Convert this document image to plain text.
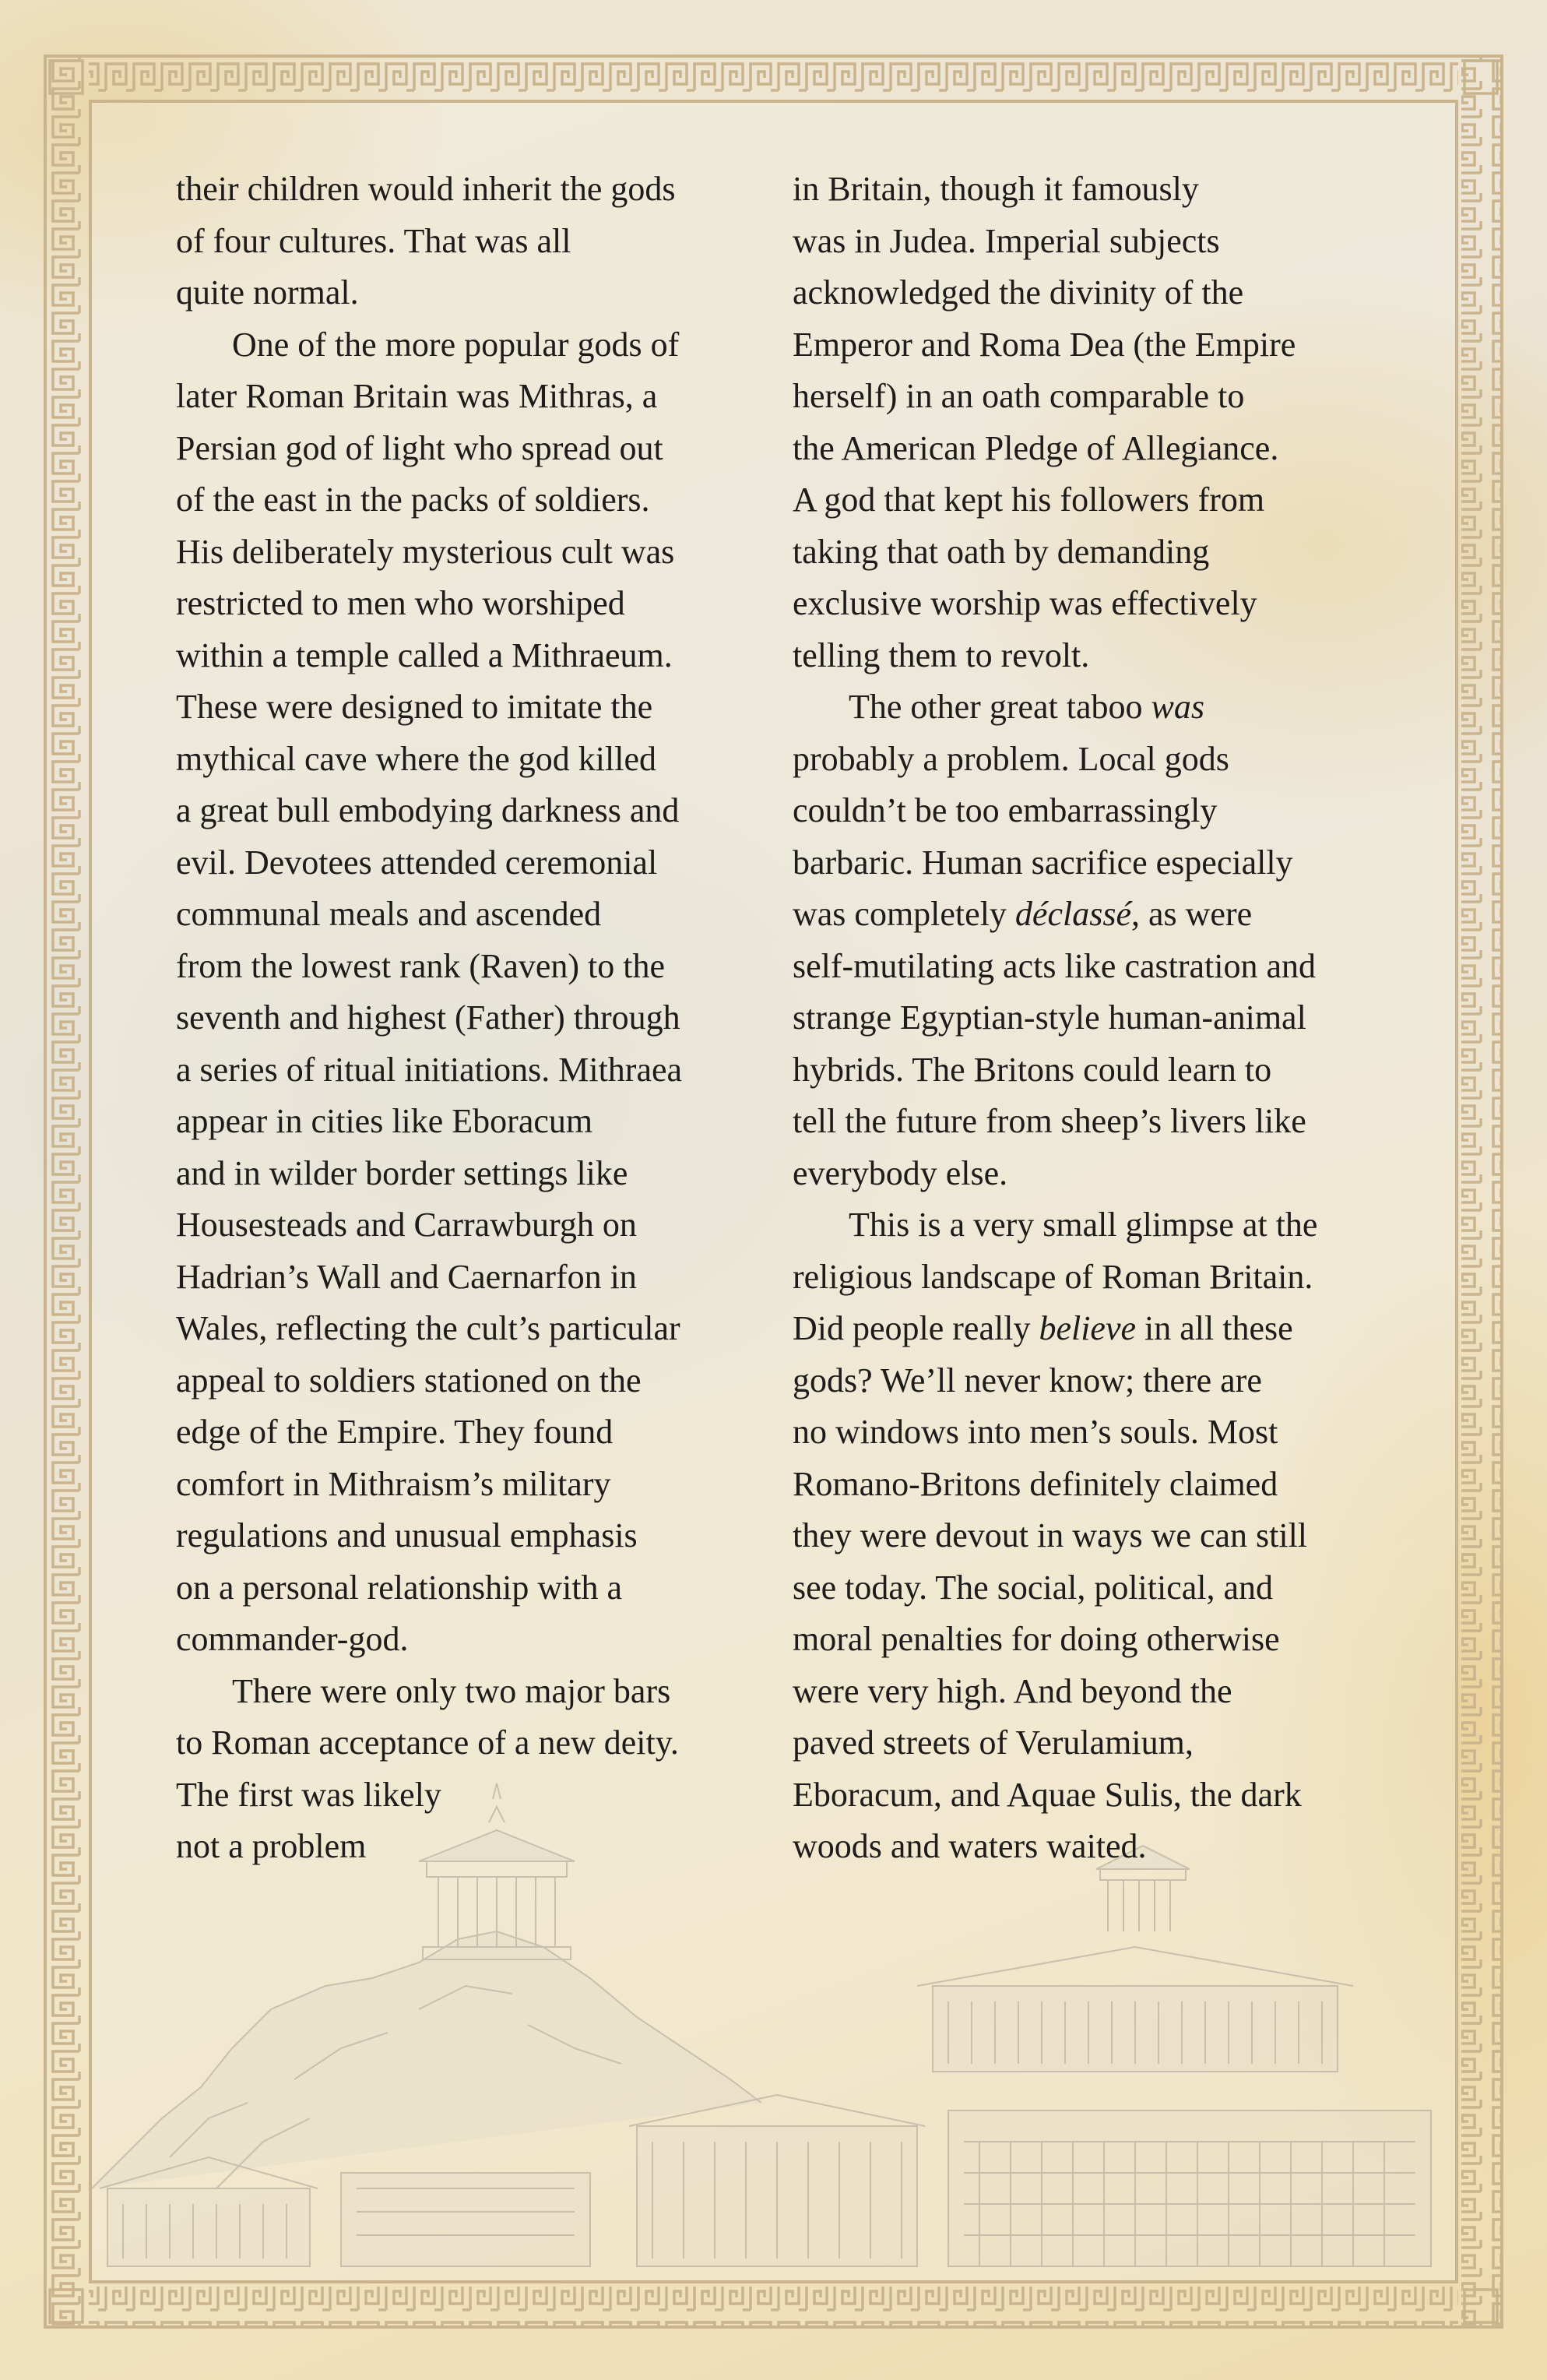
their children would inherit the gods
of four cultures. That was all
quite normal.
One of the more popular gods of
later Roman Britain was Mithras, a
Persian god of light who spread out
of the east in the packs of soldiers.
His deliberately mysterious cult was
restricted to men who worshiped
within a temple called a Mithraeum.
These were designed to imitate the
mythical cave where the god killed
a great bull embodying darkness and
evil. Devotees attended ceremonial
communal meals and ascended
from the lowest rank (Raven) to the
seventh and highest (Father) through
a series of ritual initiations. Mithraea
appear in cities like Eboracum
and in wilder border settings like
Housesteads and Carrawburgh on
Hadrian’s Wall and Caernarfon in
Wales, reflecting the cult’s particular
appeal to soldiers stationed on the
edge of the Empire. They found
comfort in Mithraism’s military
regulations and unusual emphasis
on a personal relationship with a
commander-god.
There were only two major bars
to Roman acceptance of a new deity.
The first was likely
not a problem
in Britain, though it famously
was in Judea. Imperial subjects
acknowledged the divinity of the
Emperor and Roma Dea (the Empire
herself) in an oath comparable to
the American Pledge of Allegiance.
A god that kept his followers from
taking that oath by demanding
exclusive worship was effectively
telling them to revolt.
The other great taboo was
probably a problem. Local gods
couldn’t be too embarrassingly
barbaric. Human sacrifice especially
was completely déclassé, as were
self-mutilating acts like castration and
strange Egyptian-style human-animal
hybrids. The Britons could learn to
tell the future from sheep’s livers like
everybody else.
This is a very small glimpse at the
religious landscape of Roman Britain.
Did people really believe in all these
gods? We’ll never know; there are
no windows into men’s souls. Most
Romano-Britons definitely claimed
they were devout in ways we can still
see today. The social, political, and
moral penalties for doing otherwise
were very high. And beyond the
paved streets of Verulamium,
Eboracum, and Aquae Sulis, the dark
woods and waters waited.
